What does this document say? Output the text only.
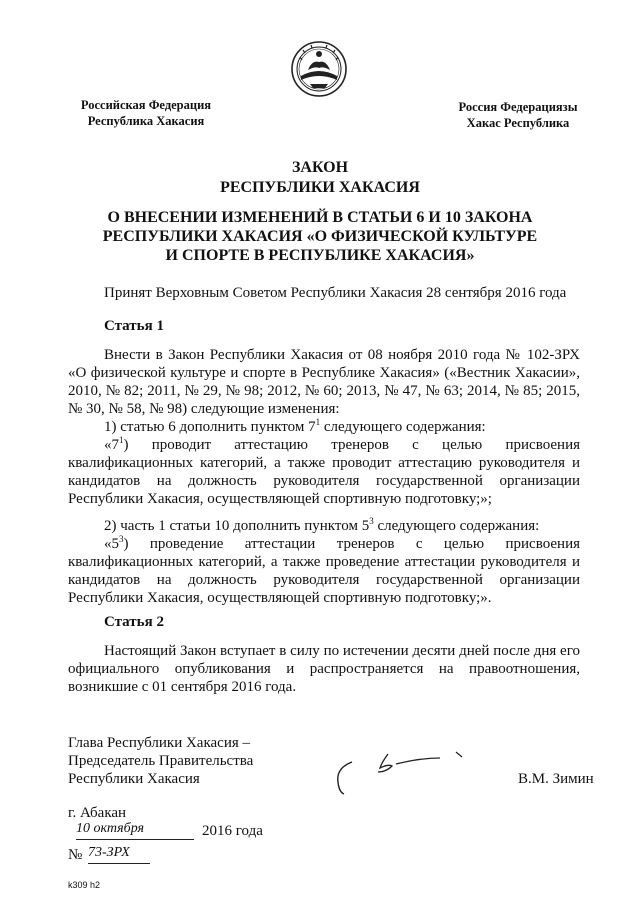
Российская Федерация
Республика Хакасия
Россия Федерациязы
Хакас Республика
ЗАКОН
РЕСПУБЛИКИ ХАКАСИЯ
О ВНЕСЕНИИ ИЗМЕНЕНИЙ В СТАТЬИ 6 И 10 ЗАКОНА
РЕСПУБЛИКИ ХАКАСИЯ «О ФИЗИЧЕСКОЙ КУЛЬТУРЕ
И СПОРТЕ В РЕСПУБЛИКЕ ХАКАСИЯ»
Принят Верховным Советом Республики Хакасия 28 сентября 2016 года
Статья 1
Внести в Закон Республики Хакасия от 08 ноября 2010 года № 102-ЗРХ «О физической культуре и спорте в Республике Хакасия» («Вестник Хакасии», 2010, № 82; 2011, № 29, № 98; 2012, № 60; 2013, № 47, № 63; 2014, № 85; 2015, № 30, № 58, № 98) следующие изменения:
1) статью 6 дополнить пунктом $7^1$ следующего содержания:
«$7^1$) проводит аттестацию тренеров с целью присвоения квалификационных категорий, а также проводит аттестацию руководителя и кандидатов на должность руководителя государственной организации Республики Хакасия, осуществляющей спортивную подготовку;»;
2) часть 1 статьи 10 дополнить пунктом $5^3$ следующего содержания:
«$5^3$) проведение аттестации тренеров с целью присвоения квалификационных категорий, а также проведение аттестации руководителя и кандидатов на должность руководителя государственной организации Республики Хакасия, осуществляющей спортивную подготовку;».
Статья 2
Настоящий Закон вступает в силу по истечении десяти дней после дня его официального опубликования и распространяется на правоотношения, возникшие с 01 сентября 2016 года.
Глава Республики Хакасия –
Председатель Правительства
Республики Хакасия	В.М. Зимин
г. Абакан
10 октября	2016 года
№ 73-ЗРХ
k309 h2
